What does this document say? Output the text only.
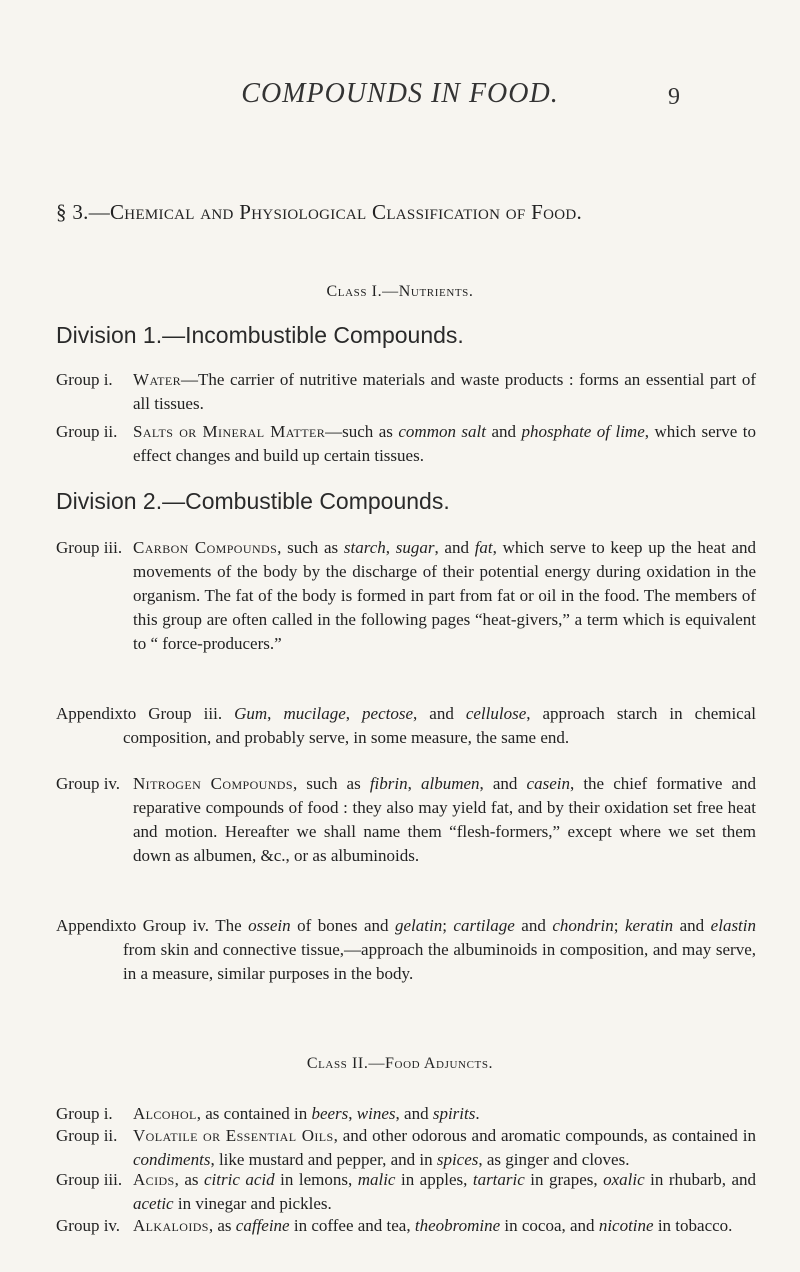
COMPOUNDS IN FOOD.	9
§ 3.—Chemical and Physiological Classification of Food.
Class I.—Nutrients.
Division 1.—Incombustible Compounds.
Group i. Water—The carrier of nutritive materials and waste products : forms an essential part of all tissues.
Group ii. Salts or Mineral Matter—such as common salt and phosphate of lime, which serve to effect changes and build up certain tissues.
Division 2.—Combustible Compounds.
Group iii. Carbon Compounds, such as starch, sugar, and fat, which serve to keep up the heat and movements of the body by the discharge of their potential energy during oxidation in the organism. The fat of the body is formed in part from fat or oil in the food. The members of this group are often called in the following pages “heat-givers,” a term which is equivalent to “ force-producers.”
Appendix to Group iii. Gum, mucilage, pectose, and cellulose, approach starch in chemical composition, and probably serve, in some measure, the same end.
Group iv. Nitrogen Compounds, such as fibrin, albumen, and casein, the chief formative and reparative compounds of food : they also may yield fat, and by their oxidation set free heat and motion. Hereafter we shall name them “flesh-formers,” except where we set them down as albumen, &c., or as albuminoids.
Appendix to Group iv. The ossein of bones and gelatin; cartilage and chondrin; keratin and elastin from skin and connective tissue,—approach the albuminoids in composition, and may serve, in a measure, similar purposes in the body.
Class II.—Food Adjuncts.
Group i. Alcohol, as contained in beers, wines, and spirits.
Group ii. Volatile or Essential Oils, and other odorous and aromatic compounds, as contained in condiments, like mustard and pepper, and in spices, as ginger and cloves.
Group iii. Acids, as citric acid in lemons, malic in apples, tartaric in grapes, oxalic in rhubarb, and acetic in vinegar and pickles.
Group iv. Alkaloids, as caffeine in coffee and tea, theobromine in cocoa, and nicotine in tobacco.
